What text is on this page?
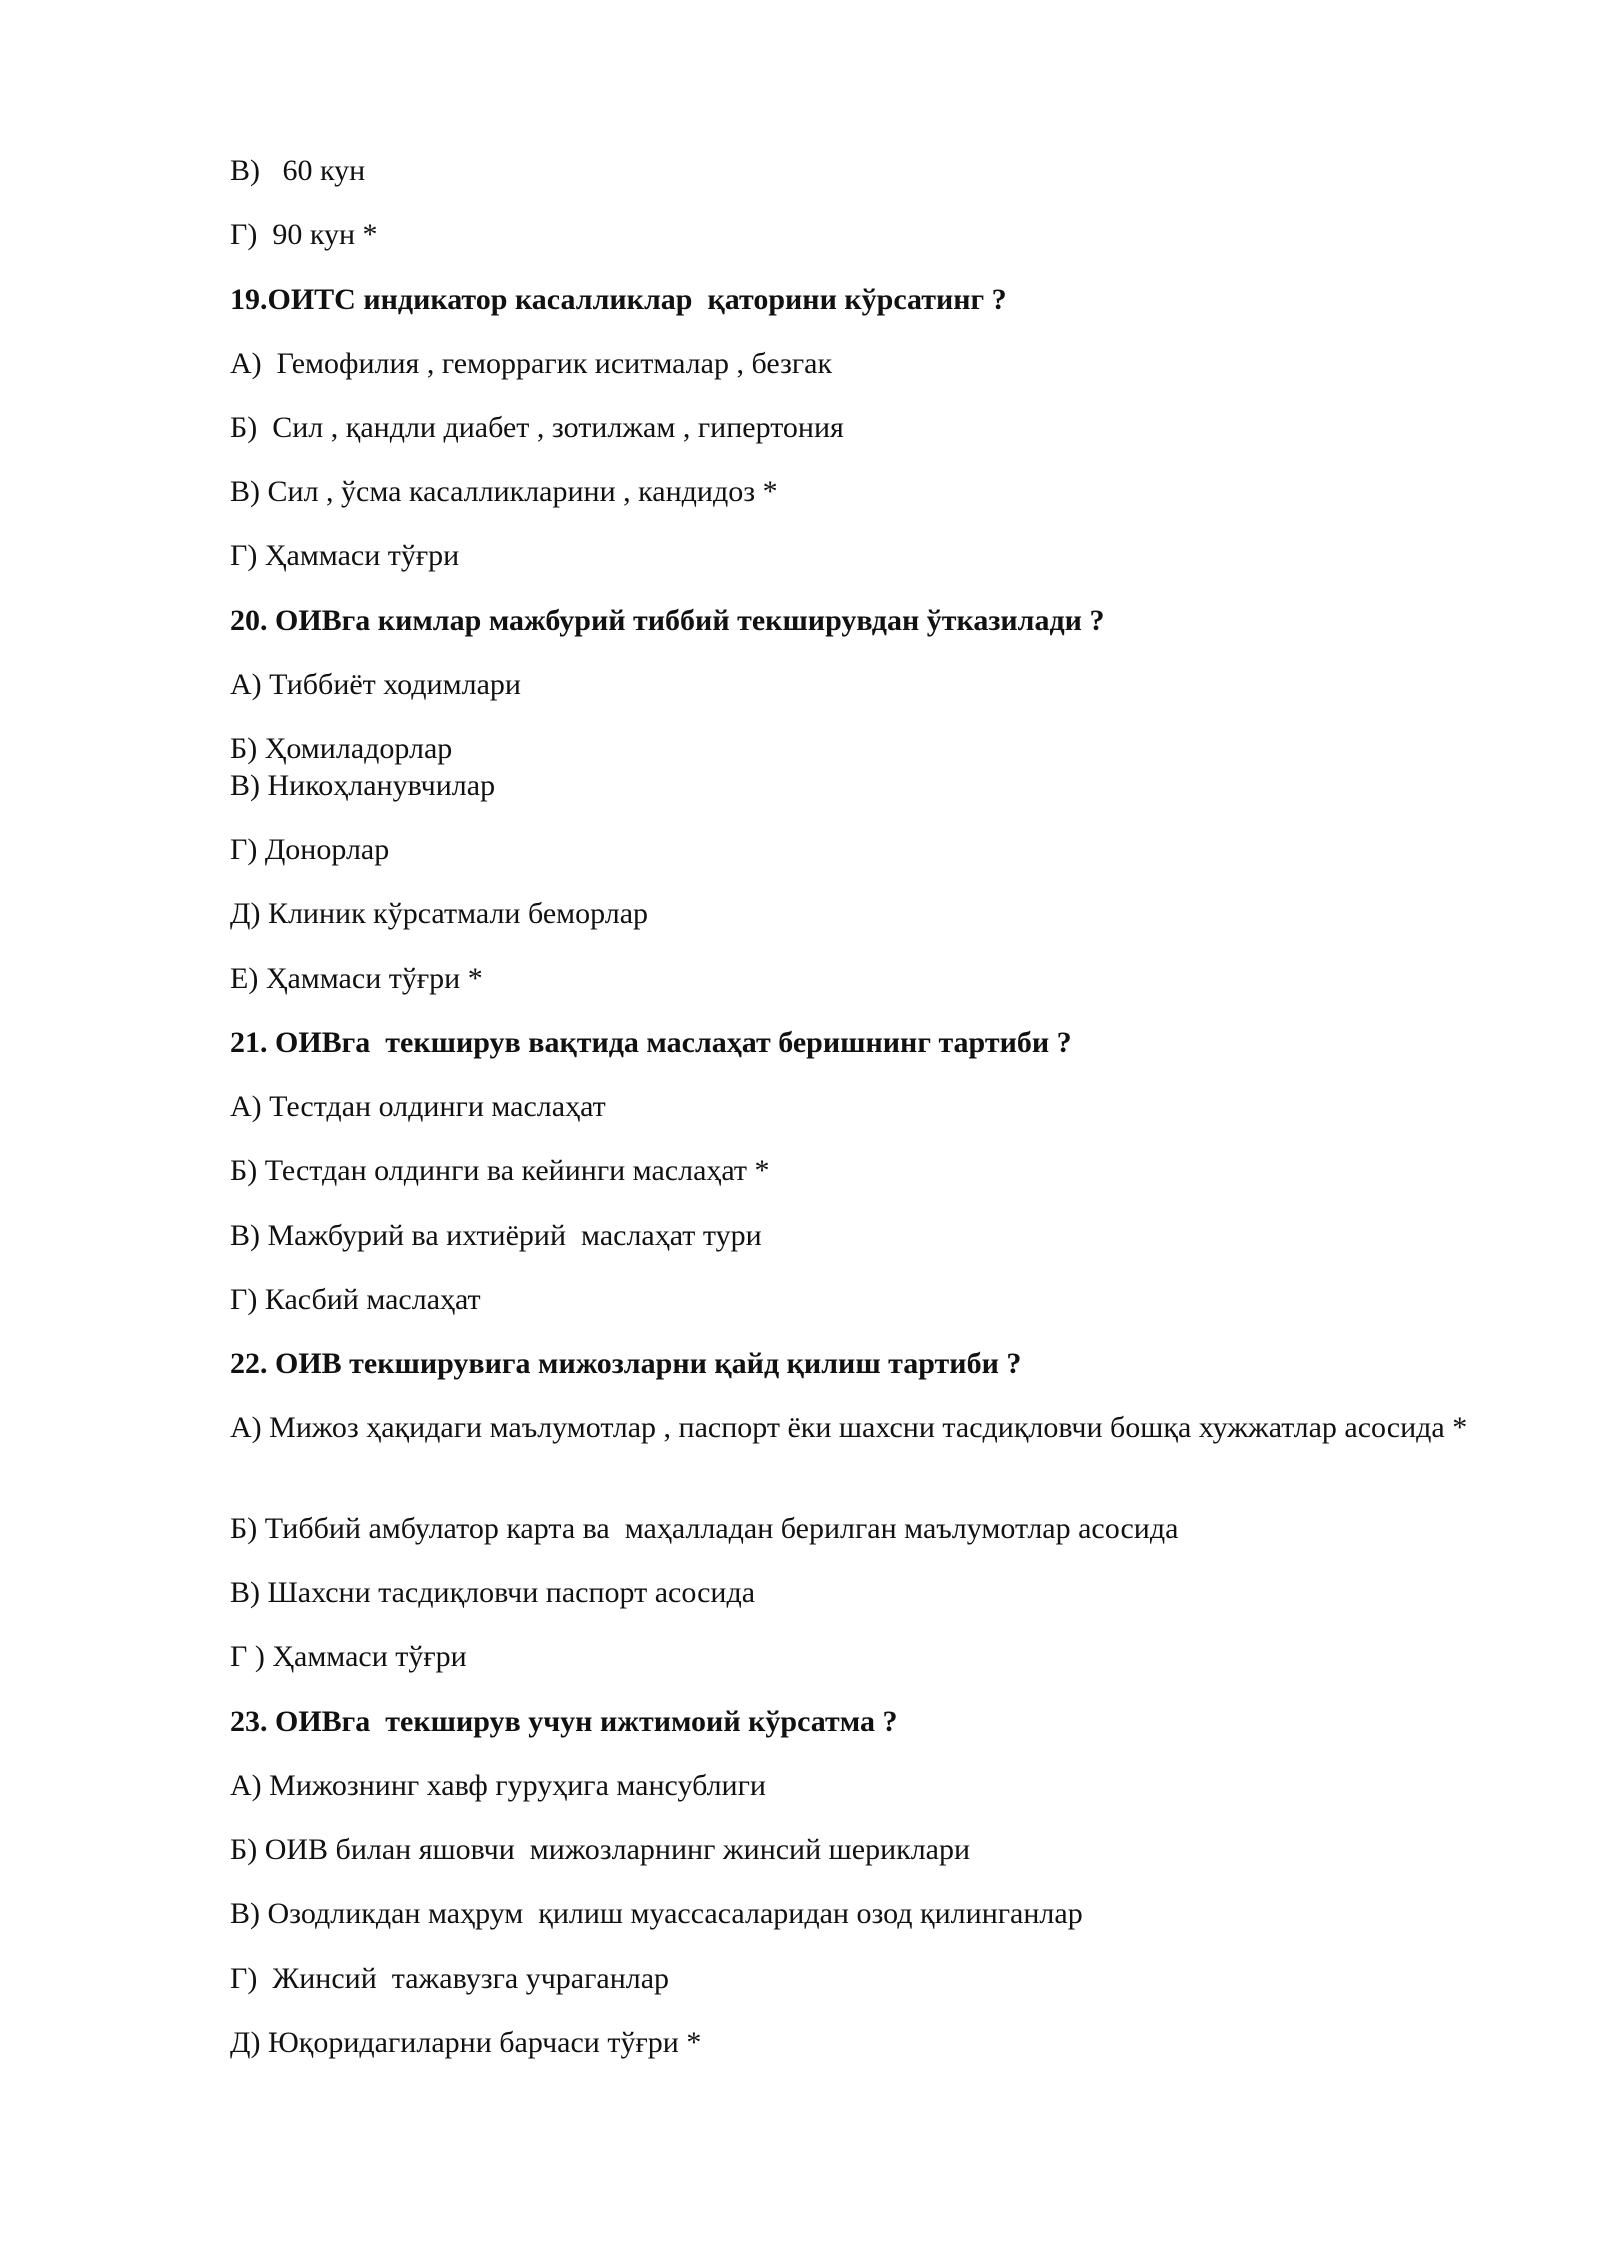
В)   60 кун
Г)  90 кун *
19.ОИТС индикатор касалликлар  қаторини кўрсатинг ?
А)  Гемофилия , геморрагик иситмалар , безгак
Б)  Сил , қандли диабет , зотилжам , гипертония
В) Сил , ўсма касалликларини , кандидоз *
Г) Ҳаммаси тўғри
20. ОИВга кимлар мажбурий тиббий текширувдан ўтказилади ?
А) Тиббиёт ходимлари
Б) Ҳомиладорлар
В) Никоҳланувчилар
Г) Донорлар
Д) Клиник кўрсатмали беморлар
Е) Ҳаммаси тўғри *
21. ОИВга  текширув вақтида маслаҳат беришнинг тартиби ?
А) Тестдан олдинги маслаҳат
Б) Тестдан олдинги ва кейинги маслаҳат *
В) Мажбурий ва ихтиёрий  маслаҳат тури
Г) Касбий маслаҳат
22. ОИВ текширувига мижозларни қайд қилиш тартиби ?
А) Мижоз ҳақидаги маълумотлар , паспорт ёки шахсни тасдиқловчи бошқа хужжатлар асосида *
Б) Тиббий амбулатор карта ва  маҳалладан берилган маълумотлар асосида
В) Шахсни тасдиқловчи паспорт асосида
Г ) Ҳаммаси тўғри
23. ОИВга  текширув учун ижтимоий кўрсатма ?
А) Мижознинг хавф гуруҳига мансублиги
Б) ОИВ билан яшовчи  мижозларнинг жинсий шериклари
В) Озодликдан маҳрум  қилиш муассасаларидан озод қилинганлар
Г)  Жинсий  тажавузга учраганлар
Д) Юқоридагиларни барчаси тўғри *
